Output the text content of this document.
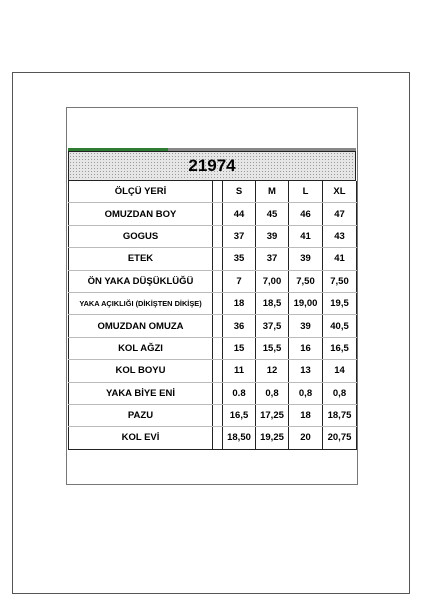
21974
ÖLÇÜ YERİ		S	M	L	XL
OMUZDAN BOY		44	45	46	47
GOGUS		37	39	41	43
ETEK		35	37	39	41
ÖN YAKA DÜŞÜKLÜĞÜ		7	7,00	7,50	7,50
YAKA AÇIKLIĞI (DİKİŞTEN DİKİŞE)		18	18,5	19,00	19,5
OMUZDAN OMUZA		36	37,5	39	40,5
KOL AĞZI		15	15,5	16	16,5
KOL BOYU		11	12	13	14
YAKA BİYE ENİ		0.8	0,8	0,8	0,8
PAZU		16,5	17,25	18	18,75
KOL EVİ		18,50	19,25	20	20,75
